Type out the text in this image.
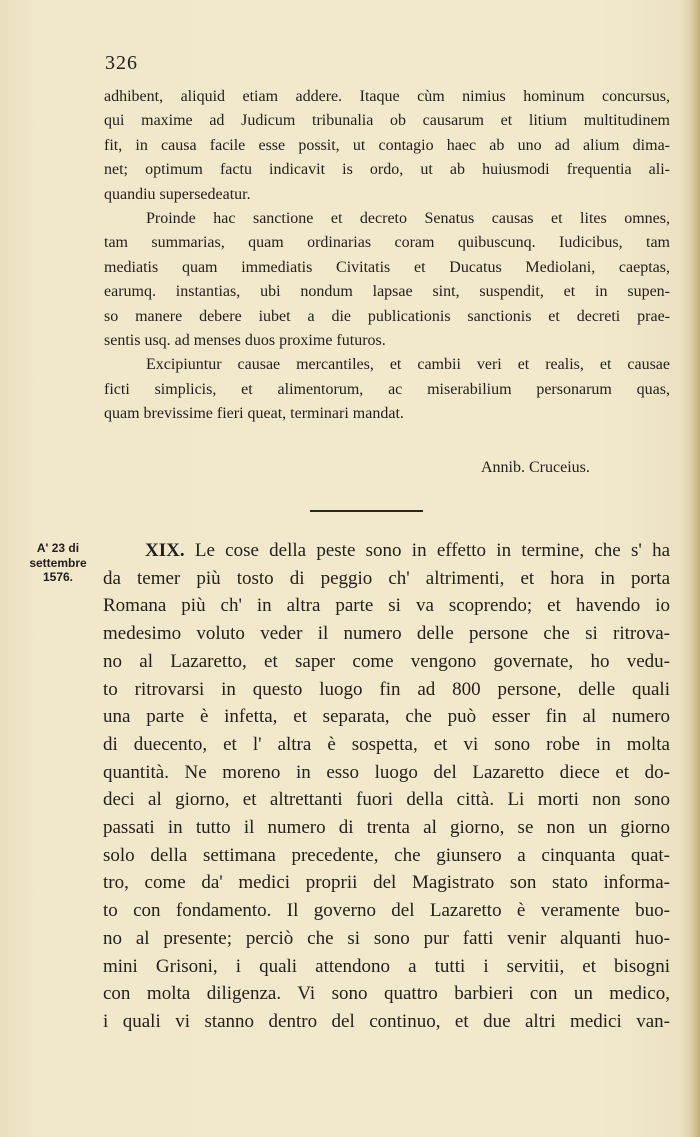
326
adhibent, aliquid etiam addere. Itaque cùm nimius hominum concursus,
qui maxime ad Judicum tribunalia ob causarum et litium multitudinem
fit, in causa facile esse possit, ut contagio haec ab uno ad alium dima-
net; optimum factu indicavit is ordo, ut ab huiusmodi frequentia ali-
quandiu supersedeatur.
Proinde hac sanctione et decreto Senatus causas et lites omnes,
tam summarias, quam ordinarias coram quibuscunq. Iudicibus, tam
mediatis quam immediatis Civitatis et Ducatus Mediolani, caeptas,
earumq. instantias, ubi nondum lapsae sint, suspendit, et in supen-
so manere debere iubet a die publicationis sanctionis et decreti prae-
sentis usq. ad menses duos proxime futuros.
Excipiuntur causae mercantiles, et cambii veri et realis, et causae
ficti simplicis, et alimentorum, ac miserabilium personarum quas,
quam brevissime fieri queat, terminari mandat.
Annib. Cruceius.
A' 23 di
settembre
1576.
XIX. Le cose della peste sono in effetto in termine, che s' ha
da temer più tosto di peggio ch' altrimenti, et hora in porta
Romana più ch' in altra parte si va scoprendo; et havendo io
medesimo voluto veder il numero delle persone che si ritrova-
no al Lazaretto, et saper come vengono governate, ho vedu-
to ritrovarsi in questo luogo fin ad 800 persone, delle quali
una parte è infetta, et separata, che può esser fin al numero
di duecento, et l' altra è sospetta, et vi sono robe in molta
quantità. Ne moreno in esso luogo del Lazaretto diece et do-
deci al giorno, et altrettanti fuori della città. Li morti non sono
passati in tutto il numero di trenta al giorno, se non un giorno
solo della settimana precedente, che giunsero a cinquanta quat-
tro, come da' medici proprii del Magistrato son stato informa-
to con fondamento. Il governo del Lazaretto è veramente buo-
no al presente; perciò che si sono pur fatti venir alquanti huo-
mini Grisoni, i quali attendono a tutti i servitii, et bisogni
con molta diligenza. Vi sono quattro barbieri con un medico,
i quali vi stanno dentro del continuo, et due altri medici van-
